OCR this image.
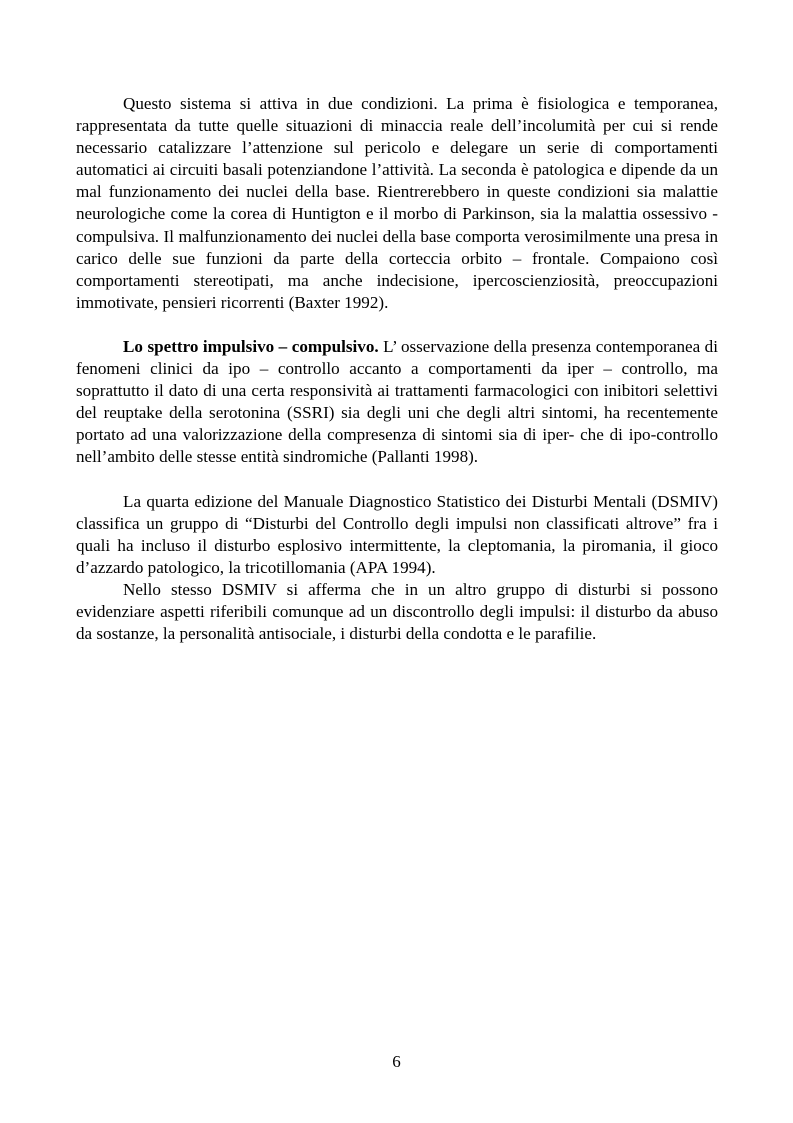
Questo sistema si attiva in due condizioni. La prima è fisiologica e temporanea, rappresentata da tutte quelle situazioni di minaccia reale dell’incolumità per cui si rende necessario catalizzare l’attenzione sul pericolo e delegare un serie di comportamenti automatici ai circuiti basali potenziandone l’attività. La seconda è patologica e dipende da un mal funzionamento dei nuclei della base. Rientrerebbero in queste condizioni sia malattie neurologiche come la corea di Huntigton e il morbo di Parkinson, sia la malattia ossessivo - compulsiva. Il malfunzionamento dei nuclei della base comporta verosimilmente una presa in carico delle sue funzioni da parte della corteccia orbito – frontale. Compaiono così comportamenti stereotipati, ma anche indecisione, ipercoscienziosità, preoccupazioni immotivate, pensieri ricorrenti (Baxter 1992).

Lo spettro impulsivo – compulsivo. L’ osservazione della presenza contemporanea di fenomeni clinici da ipo – controllo accanto a comportamenti da iper – controllo, ma soprattutto il dato di una certa responsività ai trattamenti farmacologici con inibitori selettivi del reuptake della serotonina (SSRI) sia degli uni che degli altri sintomi, ha recentemente portato ad una valorizzazione della compresenza di sintomi sia di iper- che di ipo-controllo nell’ambito delle stesse entità sindromiche (Pallanti 1998).

La quarta edizione del Manuale Diagnostico Statistico dei Disturbi Mentali (DSMIV) classifica un gruppo di “Disturbi del Controllo degli impulsi non classificati altrove” fra i quali ha incluso il disturbo esplosivo intermittente, la cleptomania, la piromania, il gioco d’azzardo patologico, la tricotillomania (APA 1994).

Nello stesso DSMIV si afferma che in un altro gruppo di disturbi si possono evidenziare aspetti riferibili comunque ad un discontrollo degli impulsi: il disturbo da abuso da sostanze, la personalità antisociale, i disturbi della condotta e le parafilie.

6
